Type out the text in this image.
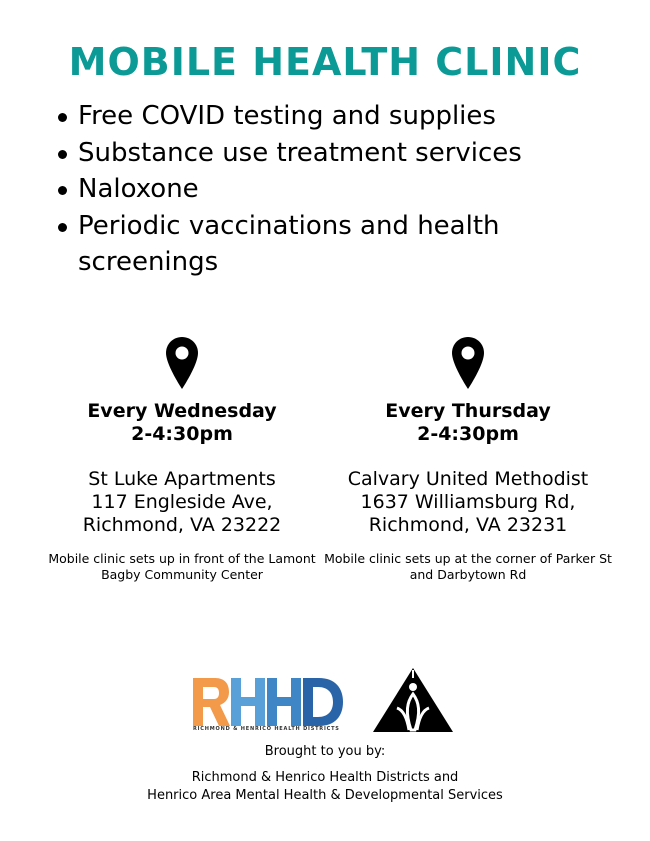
MOBILE HEALTH CLINIC
Free COVID testing and supplies
Substance use treatment services
Naloxone
Periodic vaccinations and health screenings
Every Wednesday
2-4:30pm
St Luke Apartments
117 Engleside Ave,
Richmond, VA 23222
Mobile clinic sets up in front of the Lamont Bagby Community Center
Every Thursday
2-4:30pm
Calvary United Methodist
1637 Williamsburg Rd,
Richmond, VA 23231
Mobile clinic sets up at the corner of Parker St and Darbytown Rd
RICHMOND & HENRICO HEALTH DISTRICTS
Brought to you by:
Richmond & Henrico Health Districts and
Henrico Area Mental Health & Developmental Services
